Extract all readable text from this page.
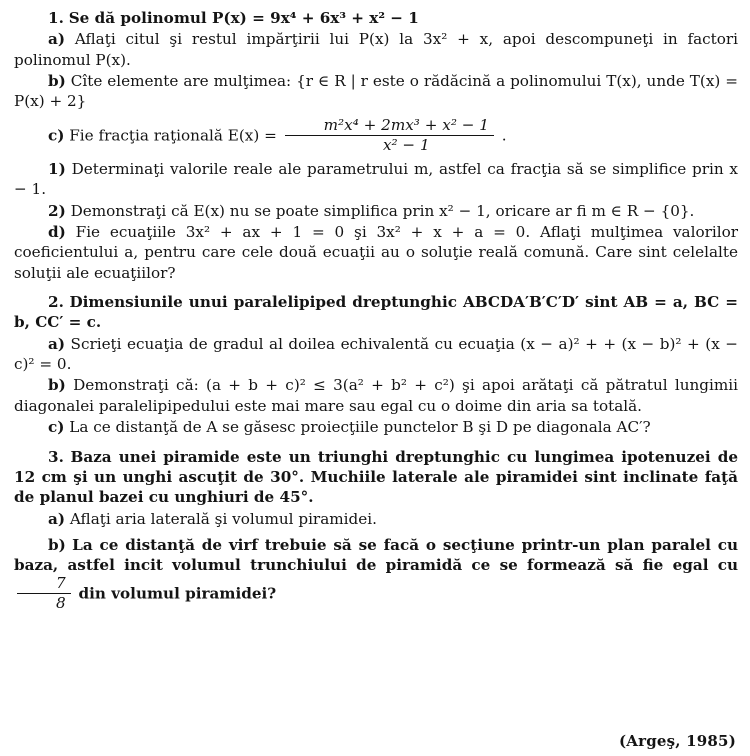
1. Se dă polinomul P(x) = 9x⁴ + 6x³ + x² − 1

a) Aflaţi citul şi restul impărţirii lui P(x) la 3x² + x, apoi descompuneţi in factori polinomul P(x).

b) Cîte elemente are mulţimea: {r ∈ R | r este o rădăcină a polinomului T(x), unde T(x) = P(x) + 2}

c) Fie fracţia raţională $E(x) = \frac{\text{m²x⁴ + 2mx³ + x² − 1}}{\text{x² − 1}}$ .

1) Determinaţi valorile reale ale parametrului m, astfel ca fracţia să se simplifice prin x − 1.

2) Demonstraţi că E(x) nu se poate simplifica prin x² − 1, oricare ar fi m ∈ R − {0}.

d) Fie ecuaţiile 3x² + ax + 1 = 0 şi 3x² + x + a = 0. Aflaţi mulţimea valorilor coeficientului a, pentru care cele două ecuaţii au o soluţie reală comună. Care sint celelalte soluţii ale ecuaţiilor?

2. Dimensiunile unui paralelipiped dreptunghic ABCDA′B′C′D′ sint AB = a, BC = b, CC′ = c.

a) Scrieţi ecuaţia de gradul al doilea echivalentă cu ecuaţia (x − a)² + + (x − b)² + (x − c)² = 0.

b) Demonstraţi că: (a + b + c)² ≤ 3(a² + b² + c²) şi apoi arătaţi că pătratul lungimii diagonalei paralelipipedului este mai mare sau egal cu o doime din aria sa totală.

c) La ce distanţă de A se găsesc proiecţiile punctelor B şi D pe diagonala AC′?

3. Baza unei piramide este un triunghi dreptunghic cu lungimea ipotenuzei de 12 cm şi un unghi ascuţit de 30°. Muchiile laterale ale piramidei sint inclinate faţă de planul bazei cu unghiuri de 45°.

a) Aflaţi aria laterală şi volumul piramidei.

b) La ce distanţă de virf trebuie să se facă o secţiune printr-un plan paralel cu baza, astfel incit volumul trunchiului de piramidă ce se formează să fie egal cu
$\frac{7}{8}$ din volumul piramidei?

(Argeş, 1985)
